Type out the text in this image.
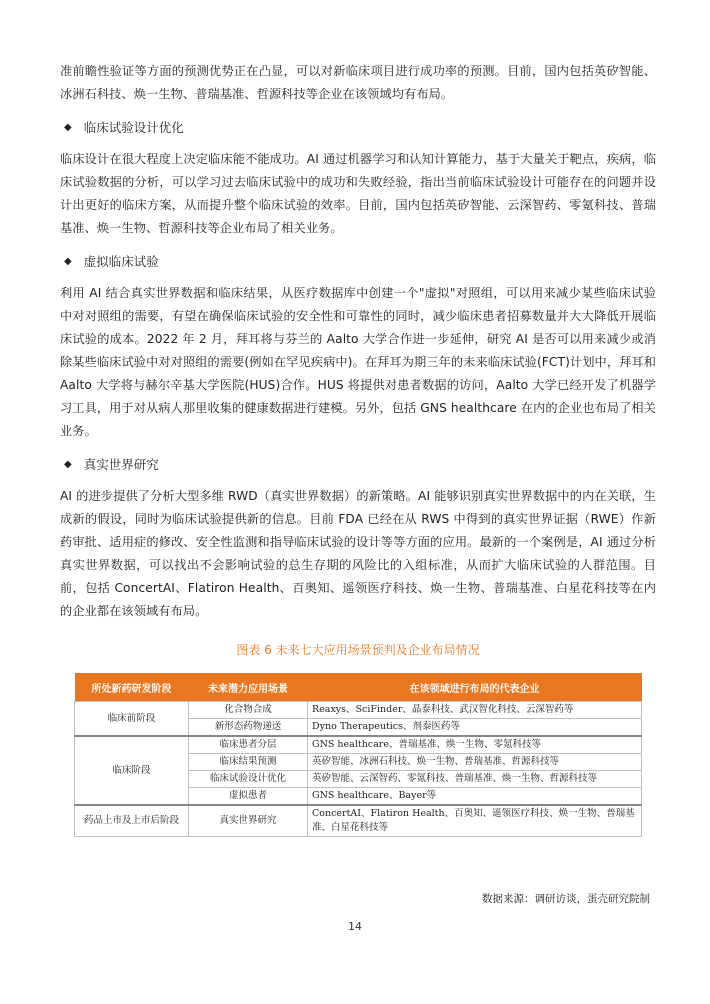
准前瞻性验证等方面的预测优势正在凸显，可以对新临床项目进行成功率的预测。目前，国内包括英矽智能、冰洲石科技、焕一生物、普瑞基准、哲源科技等企业在该领域均有布局。

◆ 临床试验设计优化

临床设计在很大程度上决定临床能不能成功。AI 通过机器学习和认知计算能力，基于大量关于靶点，疾病，临床试验数据的分析，可以学习过去临床试验中的成功和失败经验，指出当前临床试验设计可能存在的问题并设计出更好的临床方案，从而提升整个临床试验的效率。目前，国内包括英矽智能、云深智药、零氪科技、普瑞基准、焕一生物、哲源科技等企业布局了相关业务。

◆ 虚拟临床试验

利用 AI 结合真实世界数据和临床结果，从医疗数据库中创建一个"虚拟"对照组，可以用来减少某些临床试验中对对照组的需要，有望在确保临床试验的安全性和可靠性的同时，减少临床患者招募数量并大大降低开展临床试验的成本。2022 年 2 月，拜耳将与芬兰的 Aalto 大学合作进一步延伸，研究 AI 是否可以用来减少或消除某些临床试验中对对照组的需要(例如在罕见疾病中)。在拜耳为期三年的未来临床试验(FCT)计划中，拜耳和 Aalto 大学将与赫尔辛基大学医院(HUS)合作。HUS 将提供对患者数据的访问，Aalto 大学已经开发了机器学习工具，用于对从病人那里收集的健康数据进行建模。另外，包括 GNS healthcare 在内的企业也布局了相关业务。

◆ 真实世界研究

AI 的进步提供了分析大型多维 RWD（真实世界数据）的新策略。AI 能够识别真实世界数据中的内在关联，生成新的假设，同时为临床试验提供新的信息。目前 FDA 已经在从 RWS 中得到的真实世界证据（RWE）作新药审批、适用症的修改、安全性监测和指导临床试验的设计等等方面的应用。最新的一个案例是，AI 通过分析真实世界数据，可以找出不会影响试验的总生存期的风险比的入组标准，从而扩大临床试验的人群范围。目前，包括 ConcertAI、Flatiron Health、百奥知、遥领医疗科技、焕一生物、普瑞基准、白星花科技等在内的企业都在该领域有布局。

图表 6 未来七大应用场景预判及企业布局情况
所处新药研发阶段	未来潜力应用场景	在该领域进行布局的代表企业
临床前阶段	化合物合成	Reaxys、SciFinder、晶泰科技、武汉智化科技、云深智药等
	新形态药物递送	Dyno Therapeutics、剂泰医药等
临床阶段	临床患者分层	GNS healthcare、普瑞基准、焕一生物、零氪科技等
	临床结果预测	英矽智能、冰洲石科技、焕一生物、普瑞基准、哲源科技等
	临床试验设计优化	英矽智能、云深智药、零氪科技、普瑞基准、焕一生物、哲源科技等
	虚拟患者	GNS healthcare、Bayer等
药品上市及上市后阶段	真实世界研究	ConcertAI、Flatiron Health、百奥知、遥领医疗科技、焕一生物、普瑞基准、白星花科技等
数据来源：调研访谈，蛋壳研究院制
14
